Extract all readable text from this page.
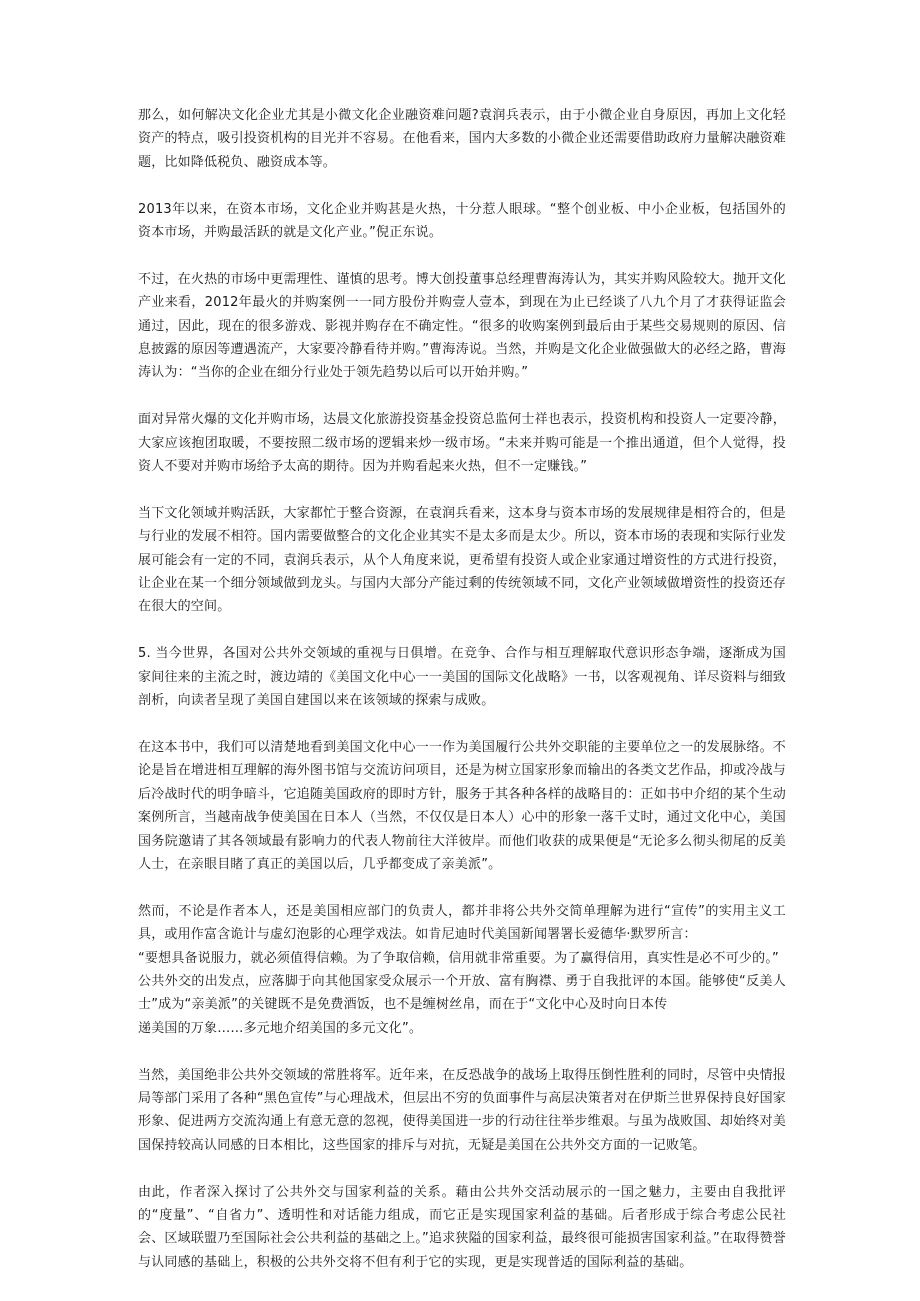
那么，如何解决文化企业尤其是小微文化企业融资难问题?袁润兵表示，由于小微企业自身原因，再加上文化轻资产的特点，吸引投资机构的目光并不容易。在他看来，国内大多数的小微企业还需要借助政府力量解决融资难题，比如降低税负、融资成本等。

2013年以来，在资本市场，文化企业并购甚是火热，十分惹人眼球。“整个创业板、中小企业板，包括国外的资本市场，并购最活跃的就是文化产业。”倪正东说。

不过，在火热的市场中更需理性、谨慎的思考。博大创投董事总经理曹海涛认为，其实并购风险较大。抛开文化产业来看，2012年最火的并购案例一一同方股份并购壹人壹本，到现在为止已经谈了八九个月了才获得证监会通过，因此，现在的很多游戏、影视并购存在不确定性。“很多的收购案例到最后由于某些交易规则的原因、信息披露的原因等遭遇流产，大家要冷静看待并购。”曹海涛说。当然，并购是文化企业做强做大的必经之路，曹海涛认为：“当你的企业在细分行业处于领先趋势以后可以开始并购。”

面对异常火爆的文化并购市场，达晨文化旅游投资基金投资总监何士祥也表示，投资机构和投资人一定要冷静，大家应该抱团取暖，不要按照二级市场的逻辑来炒一级市场。“未来并购可能是一个推出通道，但个人觉得，投资人不要对并购市场给予太高的期待。因为并购看起来火热，但不一定赚钱。”

当下文化领域并购活跃，大家都忙于整合资源，在袁润兵看来，这本身与资本市场的发展规律是相符合的，但是与行业的发展不相符。国内需要做整合的文化企业其实不是太多而是太少。所以，资本市场的表现和实际行业发展可能会有一定的不同，袁润兵表示，从个人角度来说，更希望有投资人或企业家通过增资性的方式进行投资，让企业在某一个细分领域做到龙头。与国内大部分产能过剩的传统领域不同，文化产业领域做增资性的投资还存在很大的空间。

5. 当今世界，各国对公共外交领域的重视与日俱增。在竞争、合作与相互理解取代意识形态争端，逐渐成为国家间往来的主流之时，渡边靖的《美国文化中心一一美国的国际文化战略》一书，以客观视角、详尽资料与细致剖析，向读者呈现了美国自建国以来在该领域的探索与成败。

在这本书中，我们可以清楚地看到美国文化中心一一作为美国履行公共外交职能的主要单位之一的发展脉络。不论是旨在增进相互理解的海外图书馆与交流访问项目，还是为树立国家形象而输出的各类文艺作品，抑或冷战与后冷战时代的明争暗斗，它追随美国政府的即时方针，服务于其各种各样的战略目的：正如书中介绍的某个生动案例所言，当越南战争使美国在日本人（当然，不仅仅是日本人）心中的形象一落千丈时，通过文化中心，美国国务院邀请了其各领域最有影响力的代表人物前往大洋彼岸。而他们收获的成果便是“无论多么彻头彻尾的反美人士，在亲眼目睹了真正的美国以后，几乎都变成了亲美派”。

然而，不论是作者本人，还是美国相应部门的负责人，都并非将公共外交简单理解为进行“宣传”的实用主义工具，或用作富含诡计与虚幻泡影的心理学戏法。如肯尼迪时代美国新闻署署长爱德华·默罗所言：
“要想具备说服力，就必须值得信赖。为了争取信赖，信用就非常重要。为了赢得信用，真实性是必不可少的。”
公共外交的出发点，应落脚于向其他国家受众展示一个开放、富有胸襟、勇于自我批评的本国。能够使“反美人士”成为“亲美派”的关键既不是免费酒饭，也不是缠树丝帛，而在于“文化中心及时向日本传
递美国的万象……多元地介绍美国的多元文化”。

当然，美国绝非公共外交领域的常胜将军。近年来，在反恐战争的战场上取得压倒性胜利的同时，尽管中央情报局等部门采用了各种“黑色宣传”与心理战术，但层出不穷的负面事件与高层决策者对在伊斯兰世界保持良好国家形象、促进两方交流沟通上有意无意的忽视，使得美国进一步的行动往往举步维艰。与虽为战败国、却始终对美国保持较高认同感的日本相比，这些国家的排斥与对抗，无疑是美国在公共外交方面的一记败笔。

由此，作者深入探讨了公共外交与国家利益的关系。藉由公共外交活动展示的一国之魅力，主要由自我批评的“度量”、“自省力”、透明性和对话能力组成，而它正是实现国家利益的基础。后者形成于综合考虑公民社会、区域联盟乃至国际社会公共利益的基础之上。”追求狭隘的国家利益，最终很可能损害国家利益。”在取得赞誉与认同感的基础上，积极的公共外交将不但有利于它的实现，更是实现普适的国际利益的基础。
